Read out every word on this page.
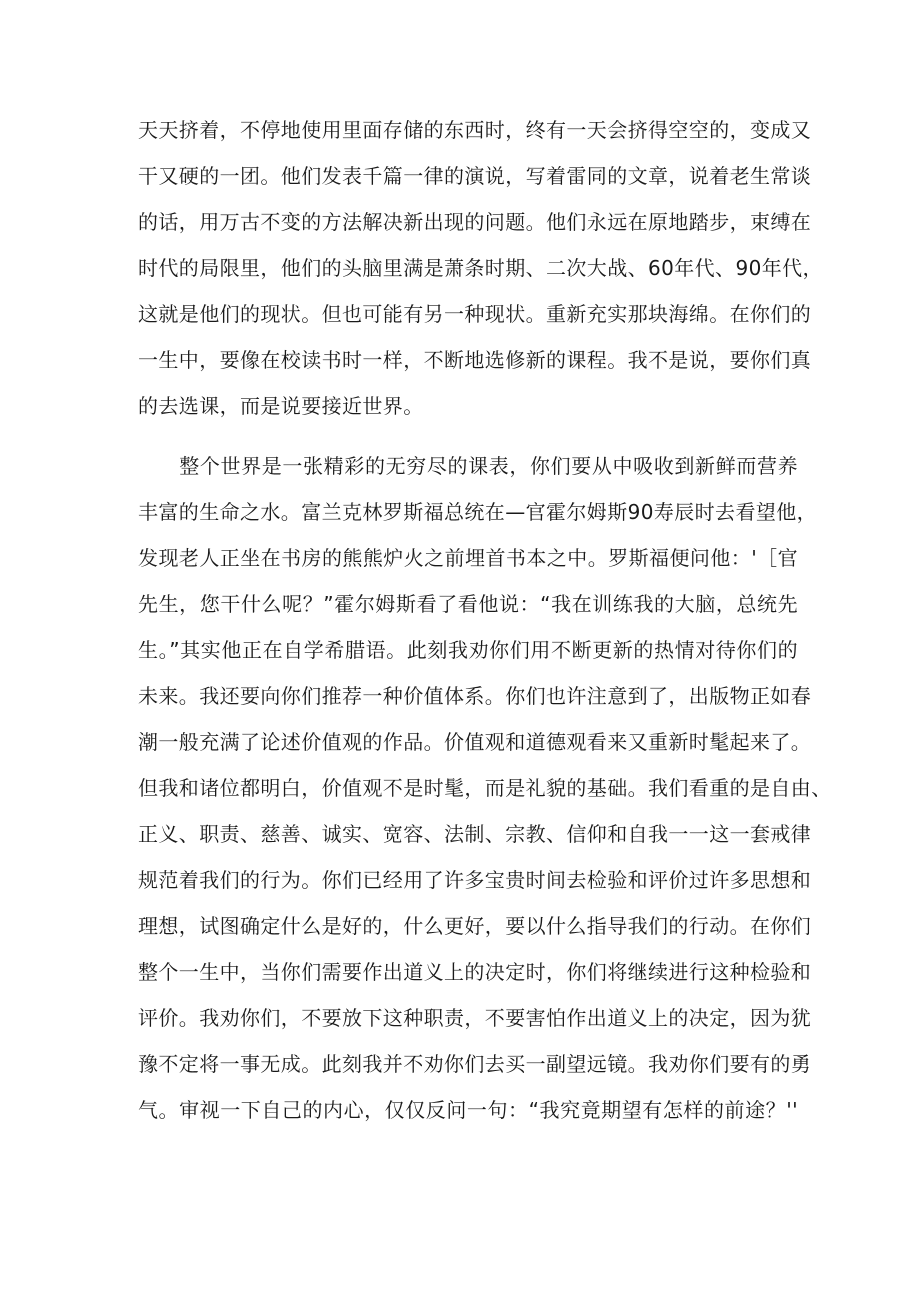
天天挤着，不停地使用里面存储的东西时，终有一天会挤得空空的，变成又
干又硬的一团。他们发表千篇一律的演说，写着雷同的文章，说着老生常谈
的话，用万古不变的方法解决新出现的问题。他们永远在原地踏步，束缚在
时代的局限里，他们的头脑里满是萧条时期、二次大战、60年代、90年代，
这就是他们的现状。但也可能有另一种现状。重新充实那块海绵。在你们的
一生中，要像在校读书时一样，不断地选修新的课程。我不是说，要你们真
的去选课，而是说要接近世界。
　　整个世界是一张精彩的无穷尽的课表，你们要从中吸收到新鲜而营养
丰富的生命之水。富兰克林罗斯福总统在—官霍尔姆斯90寿辰时去看望他，
发现老人正坐在书房的熊熊炉火之前埋首书本之中。罗斯福便问他：'［官
先生，您干什么呢？”霍尔姆斯看了看他说：“我在训练我的大脑，总统先
生。”其实他正在自学希腊语。此刻我劝你们用不断更新的热情对待你们的
未来。我还要向你们推荐一种价值体系。你们也许注意到了，出版物正如春
潮一般充满了论述价值观的作品。价值观和道德观看来又重新时髦起来了。
但我和诸位都明白，价值观不是时髦，而是礼貌的基础。我们看重的是自由、
正义、职责、慈善、诚实、宽容、法制、宗教、信仰和自我一一这一套戒律
规范着我们的行为。你们已经用了许多宝贵时间去检验和评价过许多思想和
理想，试图确定什么是好的，什么更好，要以什么指导我们的行动。在你们
整个一生中，当你们需要作出道义上的决定时，你们将继续进行这种检验和
评价。我劝你们，不要放下这种职责，不要害怕作出道义上的决定，因为犹
豫不定将一事无成。此刻我并不劝你们去买一副望远镜。我劝你们要有的勇
气。审视一下自己的内心，仅仅反问一句：“我究竟期望有怎样的前途？''
